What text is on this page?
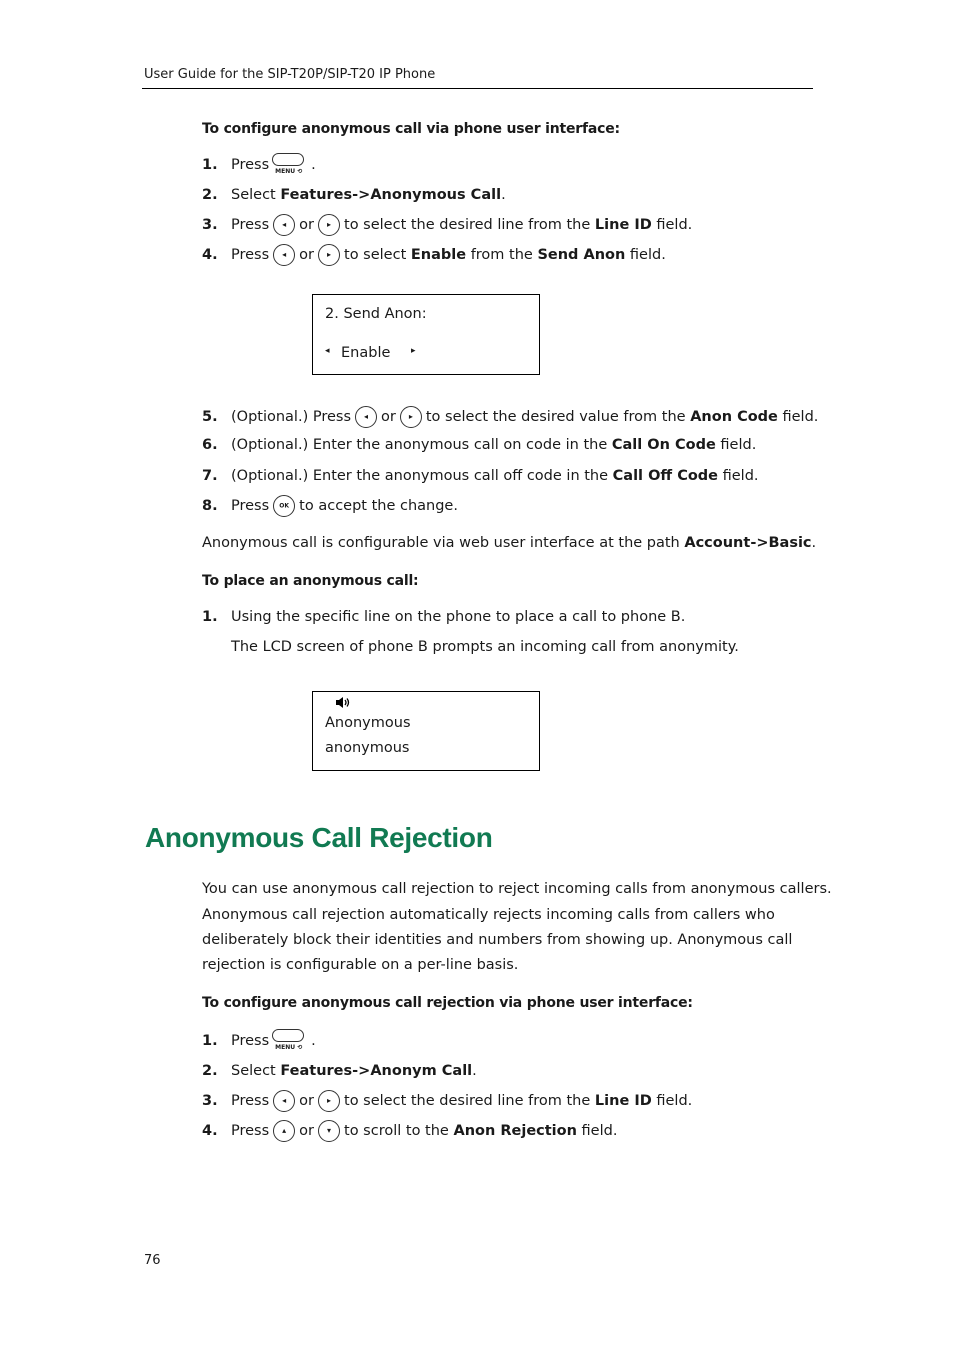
User Guide for the SIP-T20P/SIP-T20 IP Phone
To configure anonymous call via phone user interface:
1. Press MENU ⟲ .
2. Select
Features -> Anonymous Call .
3. Press	◂ or	▸ to select the desired line from the
Line ID
field.
4. Press	◂ or	▸ to select
Enable
from the
Send Anon
field.
2. Send Anon:
◂ Enable ▸
5. (Optional.) Press	◂ or	▸ to select the desired value from the
Anon Code
field.
6. (Optional.) Enter the anonymous call on code in the
Call On Code
field.
7. (Optional.) Enter the anonymous call off code in the
Call Off Code
field.
8. Press	OK to accept the change.
Anonymous call is configurable via web user interface at the path Account->Basic.
To place an anonymous call:
1. Using the specific line on the phone to place a call to phone B.
The LCD screen of phone B prompts an incoming call from anonymity.
Anonymous
anonymous
Anonymous Call Rejection
You can use anonymous call rejection to reject incoming calls from anonymous callers.
Anonymous call rejection automatically rejects incoming calls from callers who
deliberately block their identities and numbers from showing up. Anonymous call
rejection is configurable on a per-line basis.
To configure anonymous call rejection via phone user interface:
1. Press MENU ⟲ .
2. Select
Features -> Anonym Call .
3. Press	◂ or	▸ to select the desired line from the
Line ID
field.
4. Press	▴ or	▾ to scroll to the
Anon Rejection
field.
76
